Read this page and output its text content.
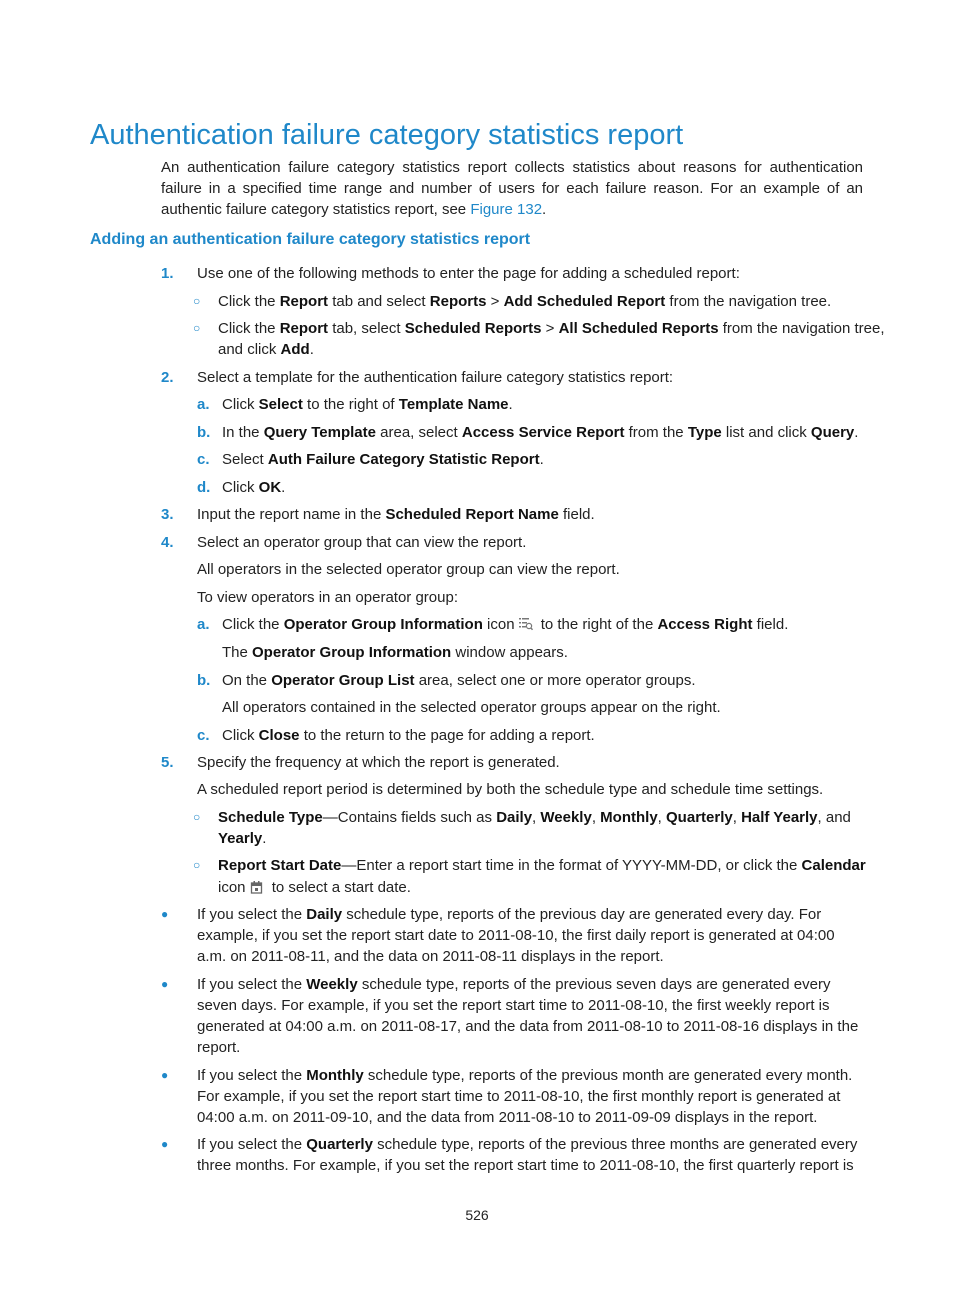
Authentication failure category statistics report

An authentication failure category statistics report collects statistics about reasons for authentication failure in a specified time range and number of users for each failure reason. For an example of an authentic failure category statistics report, see Figure 132.

Adding an authentication failure category statistics report
1. Use one of the following methods to enter the page for adding a scheduled report:
○ Click the Report tab and select Reports > Add Scheduled Report from the navigation tree.
○ Click the Report tab, select Scheduled Reports > All Scheduled Reports from the navigation tree,
and click Add.
2. Select a template for the authentication failure category statistics report:
a. Click Select to the right of Template Name.
b. In the Query Template area, select Access Service Report from the Type list and click Query.
c. Select Auth Failure Category Statistic Report.
d. Click OK.
3. Input the report name in the Scheduled Report Name field.
4. Select an operator group that can view the report.
All operators in the selected operator group can view the report.
To view operators in an operator group:
a. Click the Operator Group Information icon to the right of the Access Right field.
The Operator Group Information window appears.
b. On the Operator Group List area, select one or more operator groups.
All operators contained in the selected operator groups appear on the right.
c. Click Close to the return to the page for adding a report.
5. Specify the frequency at which the report is generated.
A scheduled report period is determined by both the schedule type and schedule time settings.
○ Schedule Type—Contains fields such as Daily, Weekly, Monthly, Quarterly, Half Yearly, and
Yearly.
○ Report Start Date—Enter a report start time in the format of YYYY-MM-DD, or click the Calendar
icon to select a start date.
● If you select the Daily schedule type, reports of the previous day are generated every day. For example, if you set the report start date to 2011-08-10, the first daily report is generated at 04:00 a.m. on 2011-08-11, and the data on 2011-08-11 displays in the report.
● If you select the Weekly schedule type, reports of the previous seven days are generated every seven days. For example, if you set the report start time to 2011-08-10, the first weekly report is generated at 04:00 a.m. on 2011-08-17, and the data from 2011-08-10 to 2011-08-16 displays in the report.
● If you select the Monthly schedule type, reports of the previous month are generated every month. For example, if you set the report start time to 2011-08-10, the first monthly report is generated at 04:00 a.m. on 2011-09-10, and the data from 2011-08-10 to 2011-09-09 displays in the report.
● If you select the Quarterly schedule type, reports of the previous three months are generated every three months. For example, if you set the report start time to 2011-08-10, the first quarterly report is
526
